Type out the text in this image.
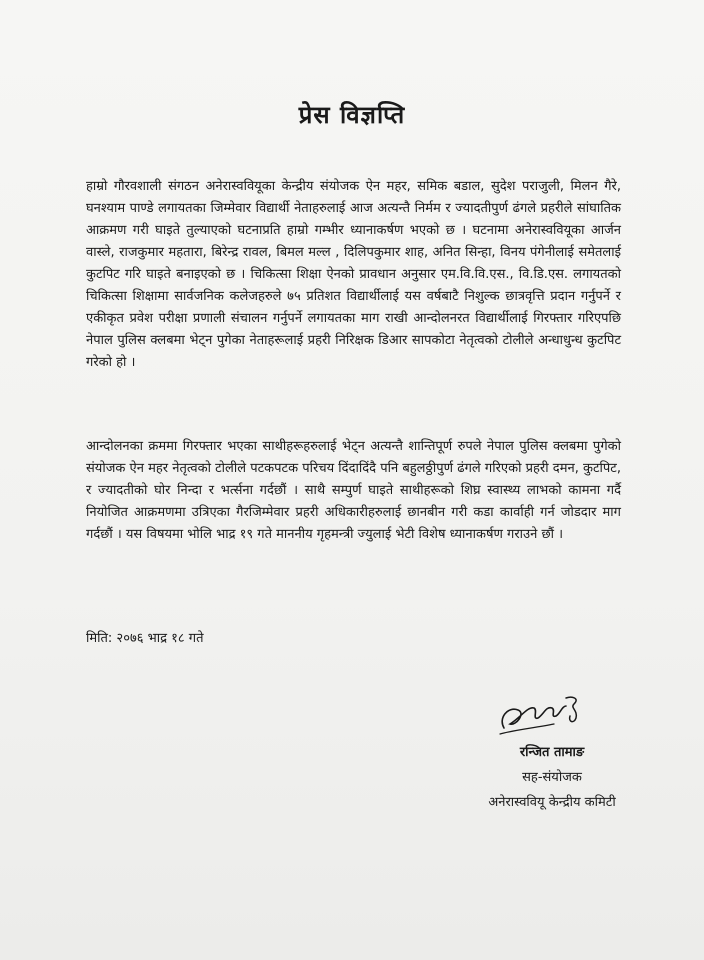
प्रेस विज्ञप्ति

हाम्रो गौरवशाली संगठन अनेरास्ववियूका केन्द्रीय संयोजक ऐन महर, समिक बडाल, सुदेश पराजुली, मिलन गैरे, घनश्याम पाण्डे लगायतका जिम्मेवार विद्यार्थी नेताहरुलाई आज अत्यन्तै निर्मम र ज्यादतीपुर्ण ढंगले प्रहरीले सांघातिक आक्रमण गरी घाइते तुल्याएको घटनाप्रति हाम्रो गम्भीर ध्यानाकर्षण भएको छ । घटनामा अनेरास्ववियूका आर्जन वास्ले, राजकुमार महतारा, बिरेन्द्र रावल, बिमल मल्ल , दिलिपकुमार शाह, अनित सिन्हा, विनय पंगेनीलाई समेतलाई कुटपिट गरि घाइते बनाइएको छ । चिकित्सा शिक्षा ऐनको प्रावधान अनुसार एम.वि.वि.एस., वि.डि.एस. लगायतको चिकित्सा शिक्षामा सार्वजनिक कलेजहरुले ७५ प्रतिशत विद्यार्थीलाई यस वर्षबाटै निशुल्क छात्रवृत्ति प्रदान गर्नुपर्ने र एकीकृत प्रवेश परीक्षा प्रणाली संचालन गर्नुपर्ने लगायतका माग राखी आन्दोलनरत विद्यार्थीलाई गिरफ्तार गरिएपछि नेपाल पुलिस क्लबमा भेट्न पुगेका नेताहरूलाई प्रहरी निरिक्षक डिआर सापकोटा नेतृत्वको टोलीले अन्धाधुन्ध कुटपिट गरेको हो ।

आन्दोलनका क्रममा गिरफ्तार भएका साथीहरूहरुलाई भेट्न अत्यन्तै शान्तिपूर्ण रुपले नेपाल पुलिस क्लबमा पुगेको संयोजक ऐन महर नेतृत्वको टोलीले पटकपटक परिचय दिंदादिंदै पनि बहुलठ्ठीपुर्ण ढंगले गरिएको प्रहरी दमन, कुटपिट, र ज्यादतीको घोर निन्दा र भर्त्सना गर्दछौं । साथै सम्पुर्ण घाइते साथीहरूको शिघ्र स्वास्थ्य लाभको कामना गर्दै नियोजित आक्रमणमा उत्रिएका गैरजिम्मेवार प्रहरी अधिकारीहरुलाई छानबीन गरी कडा कार्वाही गर्न जोडदार माग गर्दछौं । यस विषयमा भोलि भाद्र १९ गते माननीय गृहमन्त्री ज्युलाई भेटी विशेष ध्यानाकर्षण गराउने छौं ।

मिति: २०७६ भाद्र १८ गते

रन्जित तामाङ
सह-संयोजक
अनेरास्ववियू केन्द्रीय कमिटी
